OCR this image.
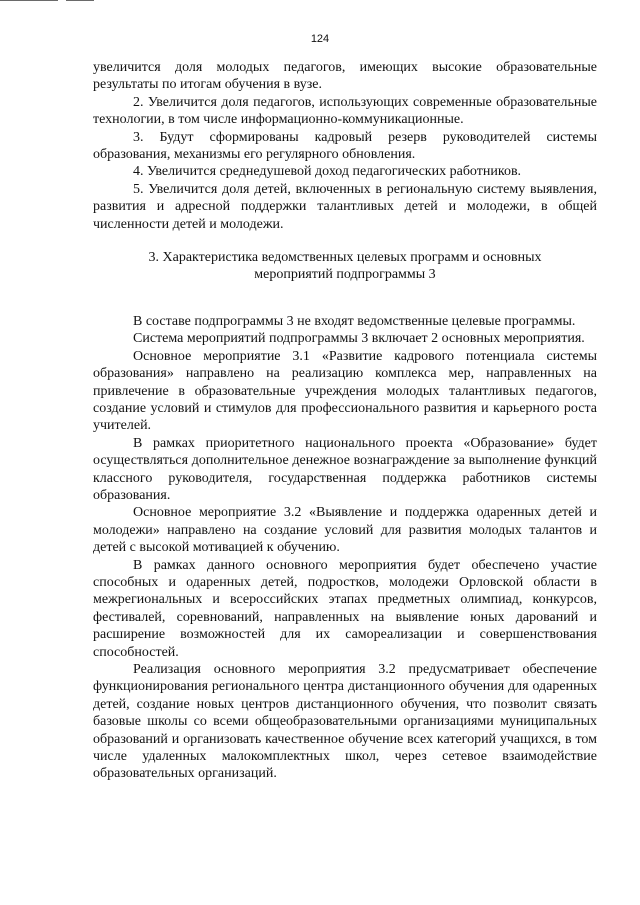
124

увеличится доля молодых педагогов, имеющих высокие образовательные результаты по итогам обучения в вузе.

2. Увеличится доля педагогов, использующих современные образовательные технологии, в том числе информационно-коммуникационные.

3. Будут сформированы кадровый резерв руководителей системы образования, механизмы его регулярного обновления.

4. Увеличится среднедушевой доход педагогических работников.

5. Увеличится доля детей, включенных в региональную систему выявления, развития и адресной поддержки талантливых детей и молодежи, в общей численности детей и молодежи.

3. Характеристика ведомственных целевых программ и основных
мероприятий подпрограммы 3

В составе подпрограммы 3 не входят ведомственные целевые программы.

Система мероприятий подпрограммы 3 включает 2 основных мероприятия.

Основное мероприятие 3.1 «Развитие кадрового потенциала системы образования» направлено на реализацию комплекса мер, направленных на привлечение в образовательные учреждения молодых талантливых педагогов, создание условий и стимулов для профессионального развития и карьерного роста учителей.

В рамках приоритетного национального проекта «Образование» будет осуществляться дополнительное денежное вознаграждение за выполнение функций классного руководителя, государственная поддержка работников системы образования.

Основное мероприятие 3.2 «Выявление и поддержка одаренных детей и молодежи» направлено на создание условий для развития молодых талантов и детей с высокой мотивацией к обучению.

В рамках данного основного мероприятия будет обеспечено участие способных и одаренных детей, подростков, молодежи Орловской области в межрегиональных и всероссийских этапах предметных олимпиад, конкурсов, фестивалей, соревнований, направленных на выявление юных дарований и расширение возможностей для их самореализации и совершенствования способностей.

Реализация основного мероприятия 3.2 предусматривает обеспечение функционирования регионального центра дистанционного обучения для одаренных детей, создание новых центров дистанционного обучения, что позволит связать базовые школы со всеми общеобразовательными организациями муниципальных образований и организовать качественное обучение всех категорий учащихся, в том числе удаленных малокомплектных школ, через сетевое взаимодействие образовательных организаций.
